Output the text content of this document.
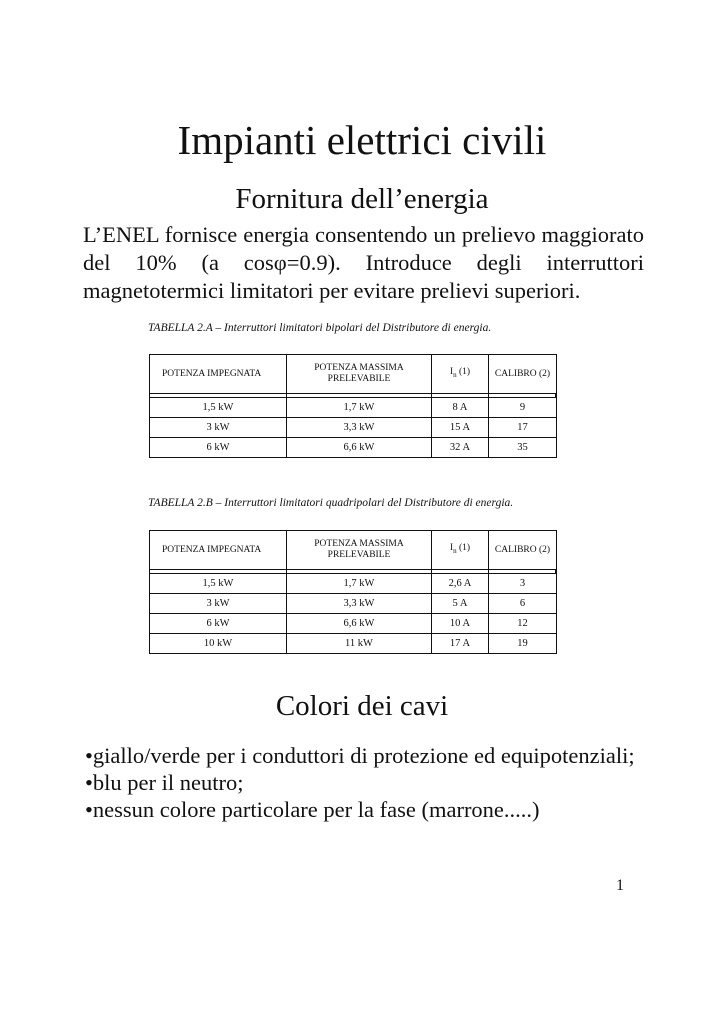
Impianti elettrici civili
Fornitura dell’energia

L’ENEL fornisce energia consentendo un prelievo maggiorato del 10% (a cosφ=0.9). Introduce degli interruttori magnetotermici limitatori per evitare prelievi superiori.

TABELLA 2.A – Interruttori limitatori bipolari del Distributore di energia.
POTENZA IMPEGNATA	POTENZA MASSIMA PRELEVABILE	$I_n$ (1)	CALIBRO (2)

1,5 kW	1,7 kW	8 A	9
3 kW	3,3 kW	15 A	17
6 kW	6,6 kW	32 A	35
TABELLA 2.B – Interruttori limitatori quadripolari del Distributore di energia.
POTENZA IMPEGNATA	POTENZA MASSIMA PRELEVABILE	$I_n$ (1)	CALIBRO (2)

1,5 kW	1,7 kW	2,6 A	3
3 kW	3,3 kW	5 A	6
6 kW	6,6 kW	10 A	12
10 kW	11 kW	17 A	19
Colori dei cavi
•giallo/verde per i conduttori di protezione ed equipotenziali;
•blu per il neutro;
•nessun colore particolare per la fase (marrone.....)
1
